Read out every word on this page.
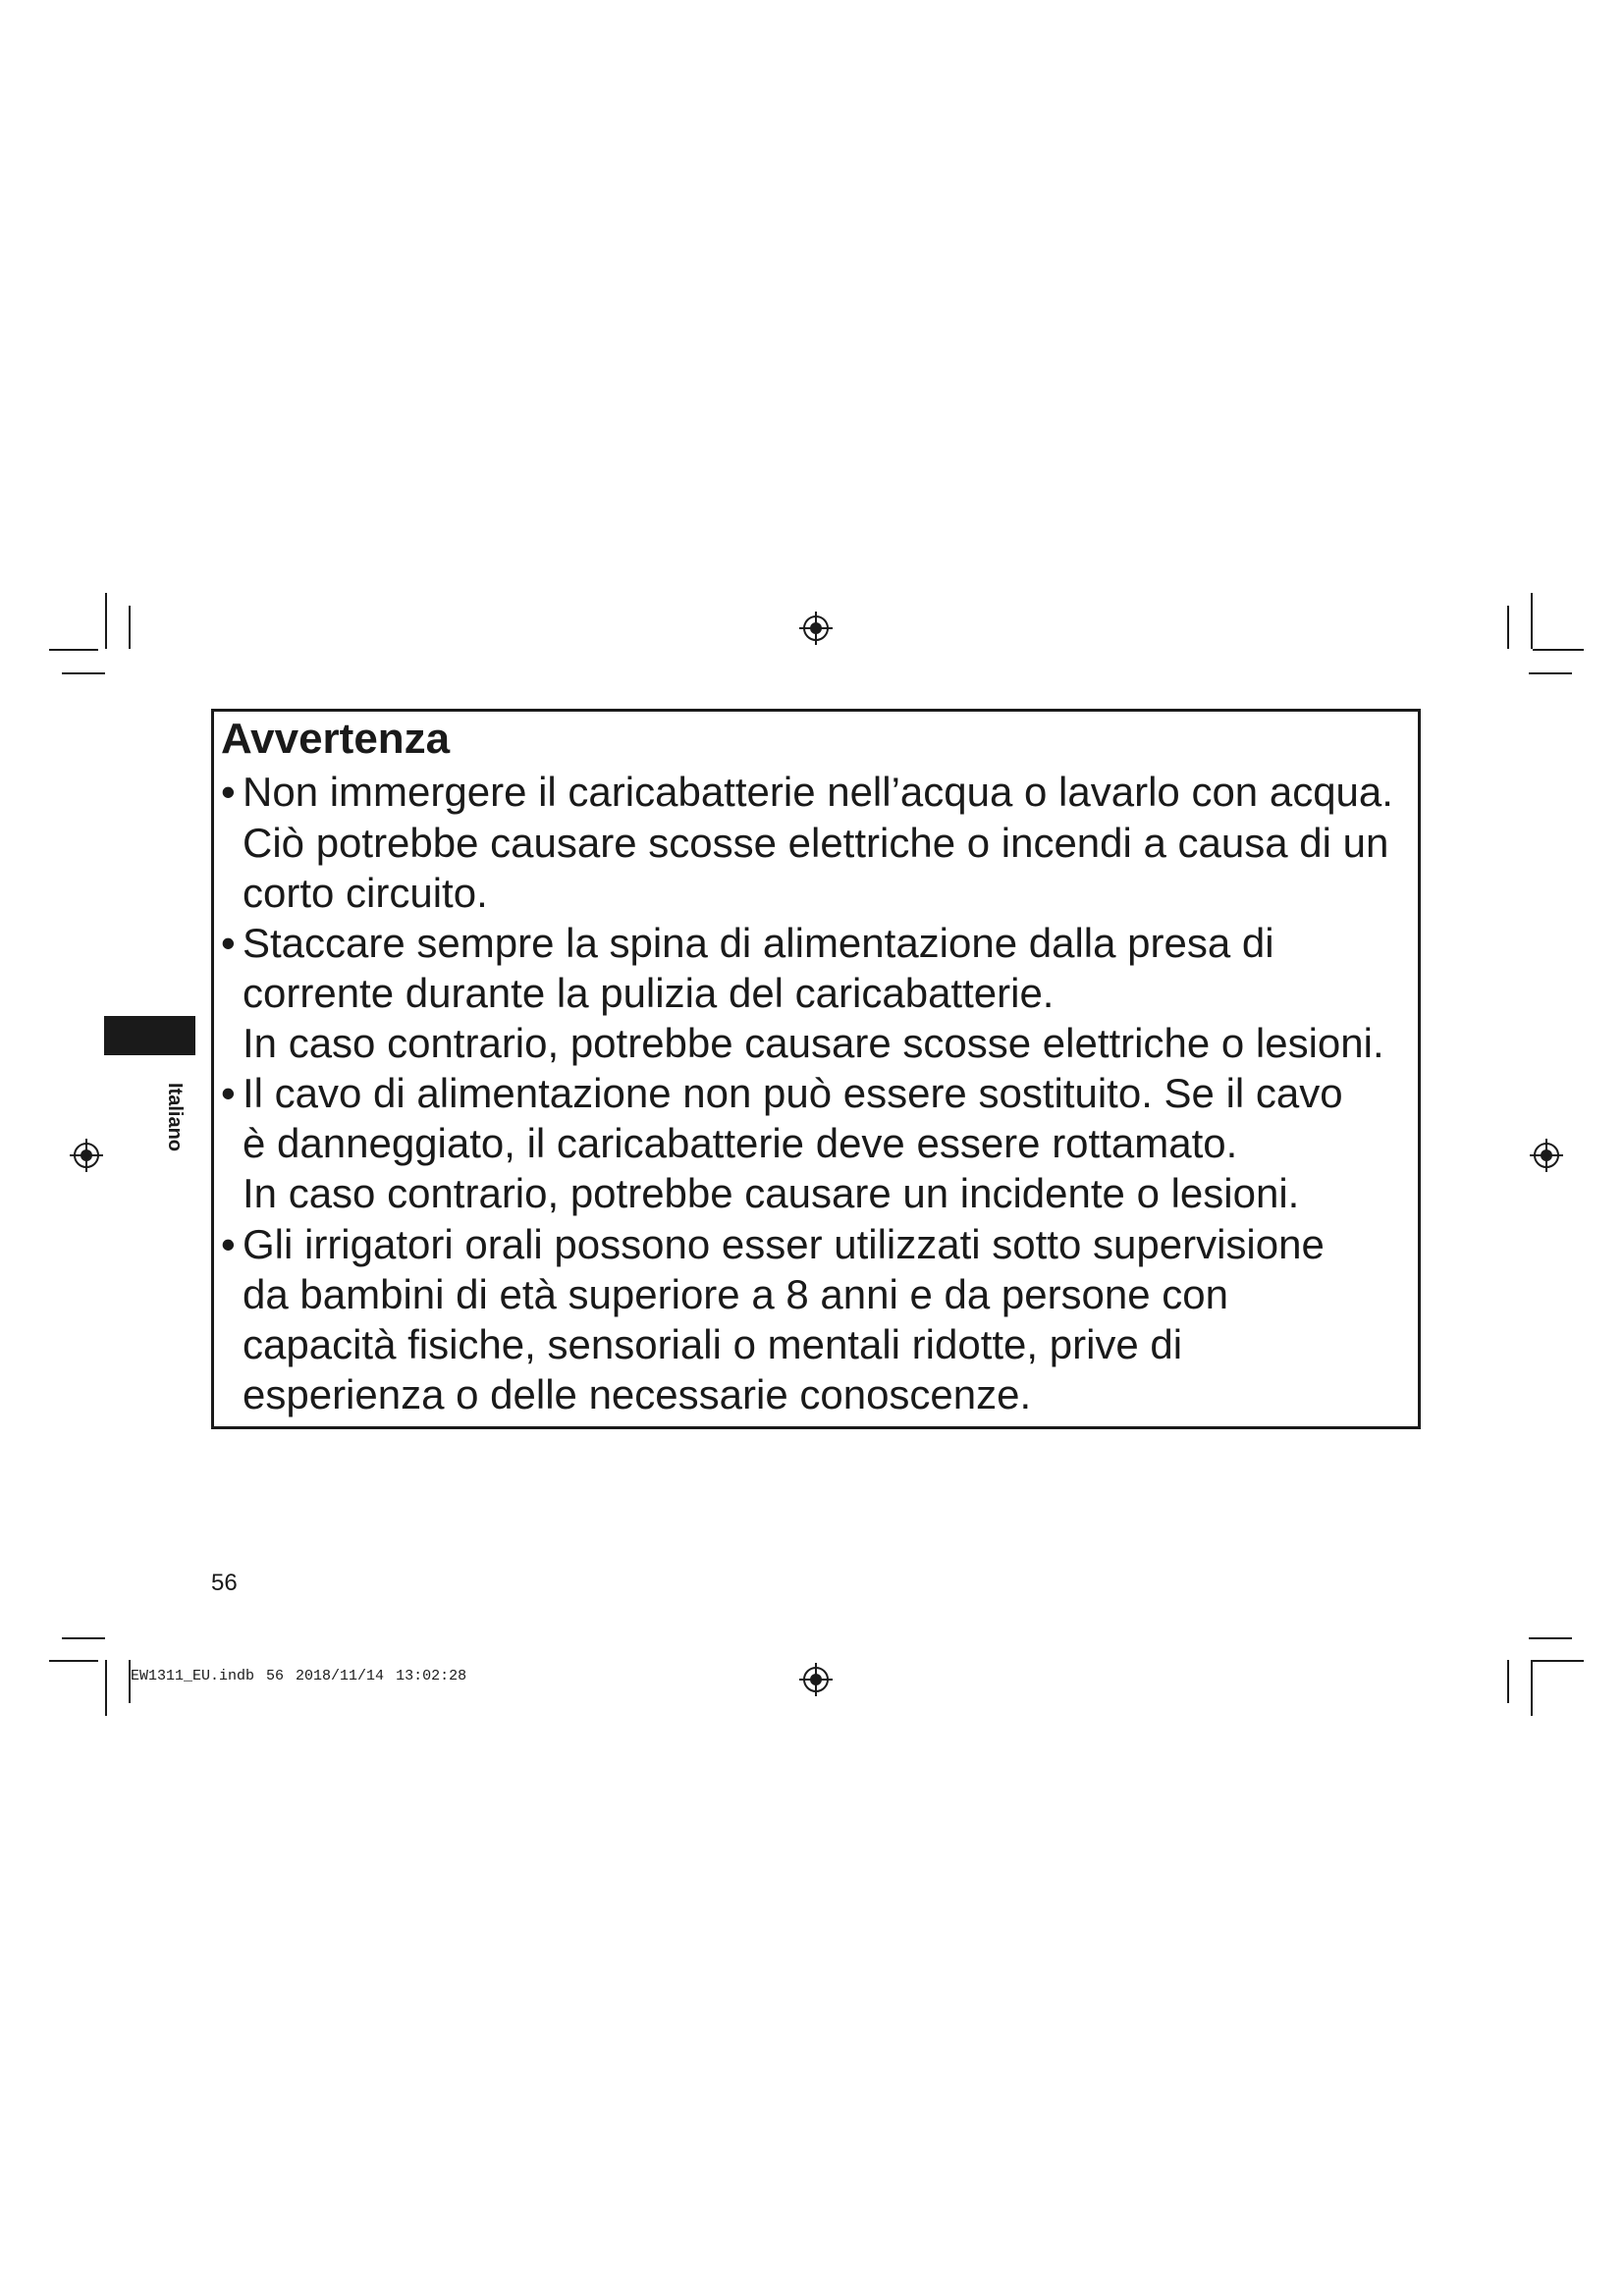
Italiano
Avvertenza
• Non immergere il caricabatterie nell’acqua o lavarlo con acqua.
Ciò potrebbe causare scosse elettriche o incendi a causa di un
corto circuito.
• Staccare sempre la spina di alimentazione dalla presa di
corrente durante la pulizia del caricabatterie.
In caso contrario, potrebbe causare scosse elettriche o lesioni.
• Il cavo di alimentazione non può essere sostituito. Se il cavo
è danneggiato, il caricabatterie deve essere rottamato.
In caso contrario, potrebbe causare un incidente o lesioni.
• Gli irrigatori orali possono esser utilizzati sotto supervisione
da bambini di età superiore a 8 anni e da persone con
capacità fisiche, sensoriali o mentali ridotte, prive di
esperienza o delle necessarie conoscenze.
56
EW1311_EU.indb 56 2018/11/14 13:02:28
